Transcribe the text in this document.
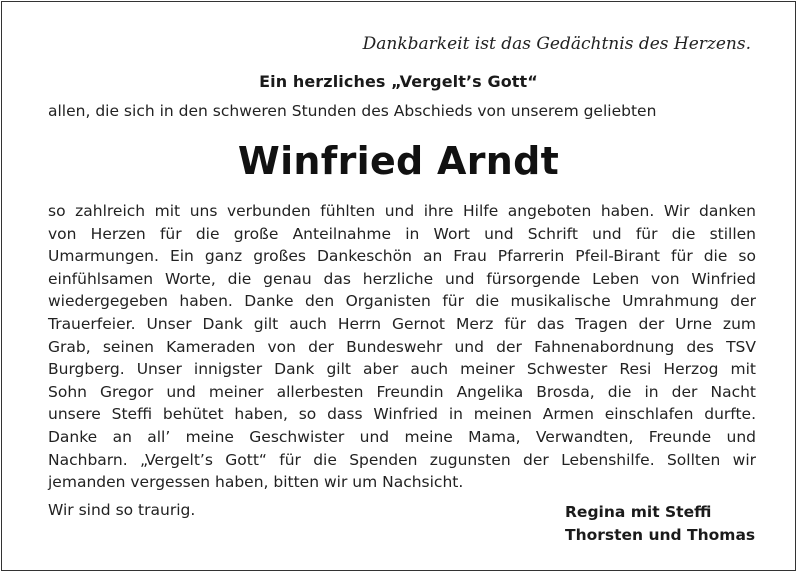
Dankbarkeit ist das Gedächtnis des Herzens.
Ein herzliches „Vergelt’s Gott“
allen, die sich in den schweren Stunden des Abschieds von unserem geliebten
Winfried Arndt
so zahlreich mit uns verbunden fühlten und ihre Hilfe angeboten haben. Wir danken
von Herzen für die große Anteilnahme in Wort und Schrift und für die stillen
Umarmungen. Ein ganz großes Dankeschön an Frau Pfarrerin Pfeil-Birant für die so
einfühlsamen Worte, die genau das herzliche und fürsorgende Leben von Winfried
wiedergegeben haben. Danke den Organisten für die musikalische Umrahmung der
Trauerfeier. Unser Dank gilt auch Herrn Gernot Merz für das Tragen der Urne zum
Grab, seinen Kameraden von der Bundeswehr und der Fahnenabordnung des TSV
Burgberg. Unser innigster Dank gilt aber auch meiner Schwester Resi Herzog mit
Sohn Gregor und meiner allerbesten Freundin Angelika Brosda, die in der Nacht
unsere Steffi behütet haben, so dass Winfried in meinen Armen einschlafen durfte.
Danke an all’ meine Geschwister und meine Mama, Verwandten, Freunde und
Nachbarn. „Vergelt’s Gott“ für die Spenden zugunsten der Lebenshilfe. Sollten wir
jemanden vergessen haben, bitten wir um Nachsicht.
Wir sind so traurig.	Regina mit Steffi
Thorsten und Thomas
